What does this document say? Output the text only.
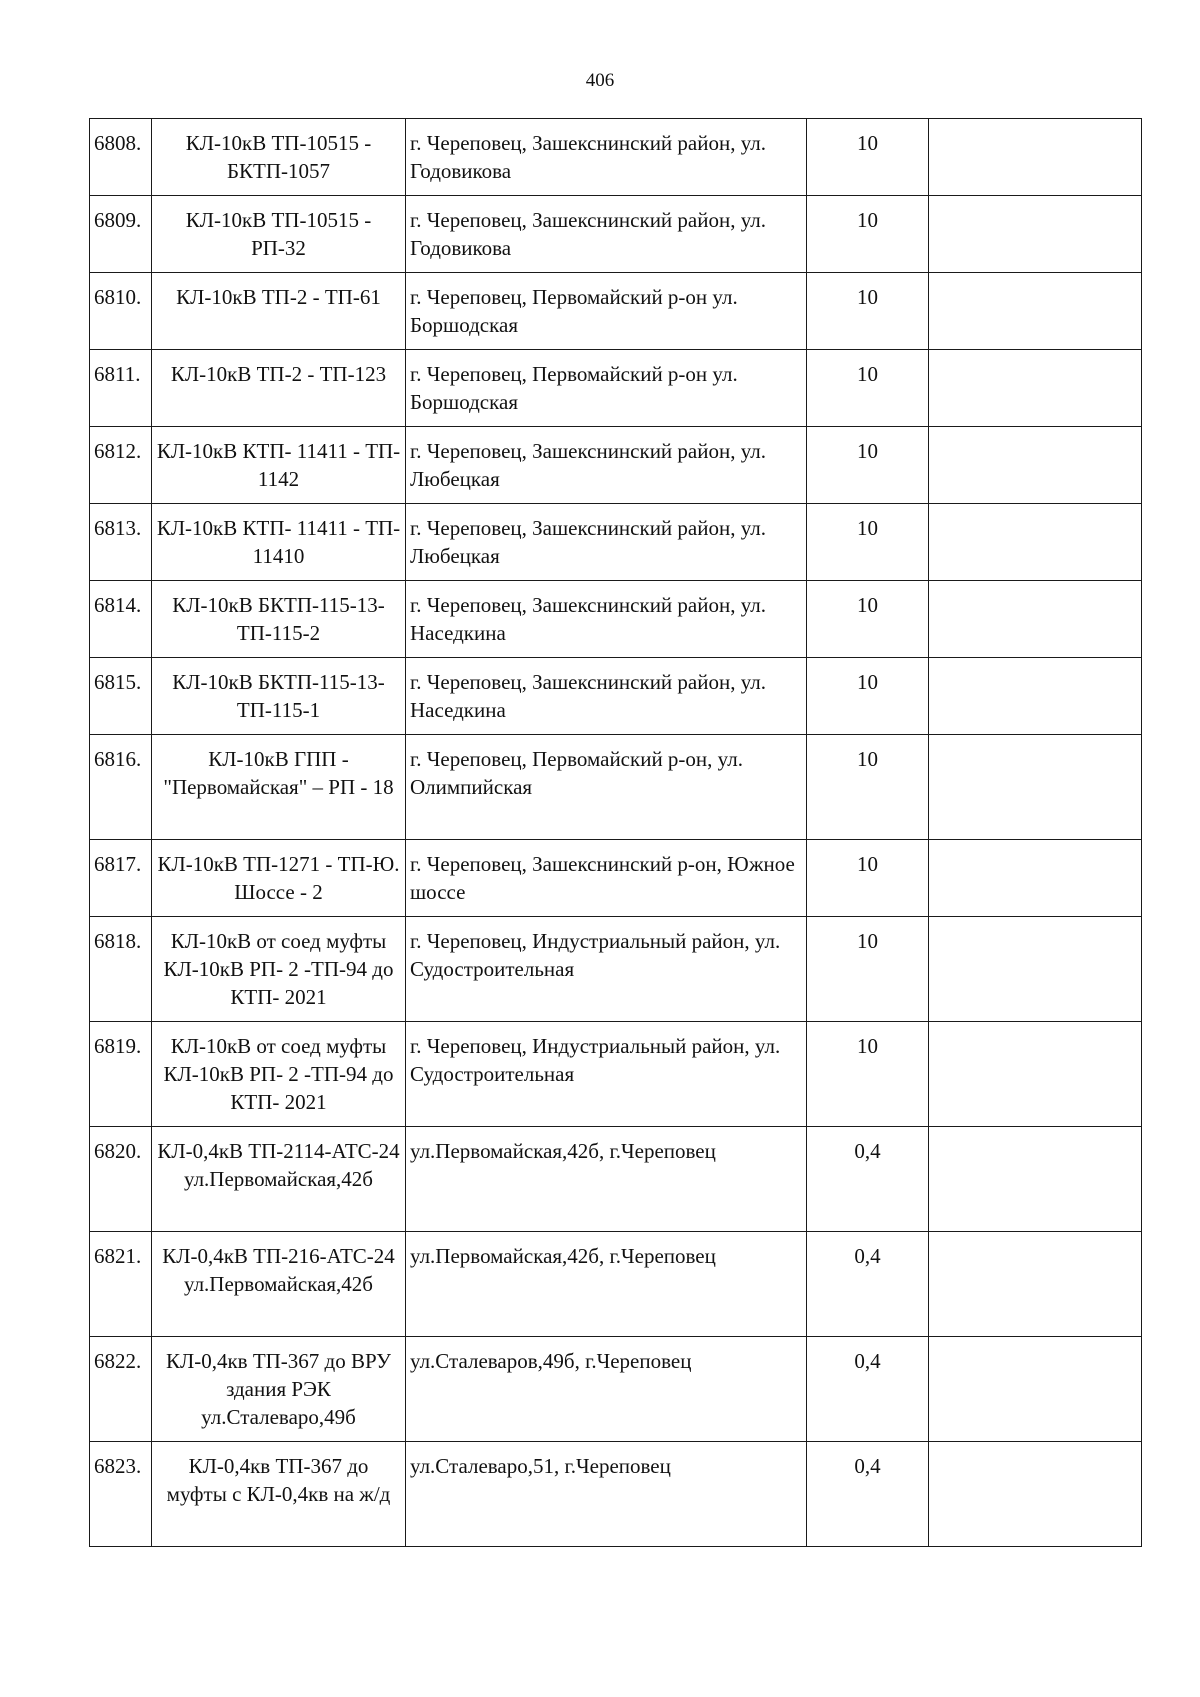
406
6808.	КЛ-10кВ ТП-10515 - БКТП-1057	г. Череповец, Зашекснинский район, ул. Годовикова	10	
6809.	КЛ-10кВ ТП-10515 - РП-32	г. Череповец, Зашекснинский район, ул. Годовикова	10	
6810.	КЛ-10кВ ТП-2 - ТП-61	г. Череповец, Первомайский р-он ул. Боршодская	10	
6811.	КЛ-10кВ ТП-2 - ТП-123	г. Череповец, Первомайский р-он ул. Боршодская	10	
6812.	КЛ-10кВ КТП- 11411 - ТП- 1142	г. Череповец, Зашекснинский район, ул. Любецкая	10	
6813.	КЛ-10кВ КТП- 11411 - ТП- 11410	г. Череповец, Зашекснинский район, ул. Любецкая	10	
6814.	КЛ-10кВ БКТП-115-13-ТП-115-2	г. Череповец, Зашекснинский район, ул. Наседкина	10	
6815.	КЛ-10кВ БКТП-115-13-ТП-115-1	г. Череповец, Зашекснинский район, ул. Наседкина	10	
6816.	КЛ-10кВ ГПП - "Первомайская" – РП - 18	г. Череповец, Первомайский р-он, ул. Олимпийская	10	
6817.	КЛ-10кВ ТП-1271 - ТП-Ю. Шоссе - 2	г. Череповец, Зашекснинский р-он, Южное шоссе	10	
6818.	КЛ-10кВ от соед муфты КЛ-10кВ РП- 2 -ТП-94 до КТП- 2021	г. Череповец, Индустриальный район, ул. Судостроительная	10	
6819.	КЛ-10кВ от соед муфты КЛ-10кВ РП- 2 -ТП-94 до КТП- 2021	г. Череповец, Индустриальный район, ул. Судостроительная	10	
6820.	КЛ-0,4кВ ТП-2114-АТС-24 ул.Первомайская,42б	ул.Первомайская,42б, г.Череповец	0,4	
6821.	КЛ-0,4кВ ТП-216-АТС-24 ул.Первомайская,42б	ул.Первомайская,42б, г.Череповец	0,4	
6822.	КЛ-0,4кв ТП-367 до ВРУ здания РЭК ул.Сталеваро,49б	ул.Сталеваров,49б, г.Череповец	0,4	
6823.	КЛ-0,4кв ТП-367 до муфты с КЛ-0,4кв на ж/д	ул.Сталеваро,51, г.Череповец	0,4	
